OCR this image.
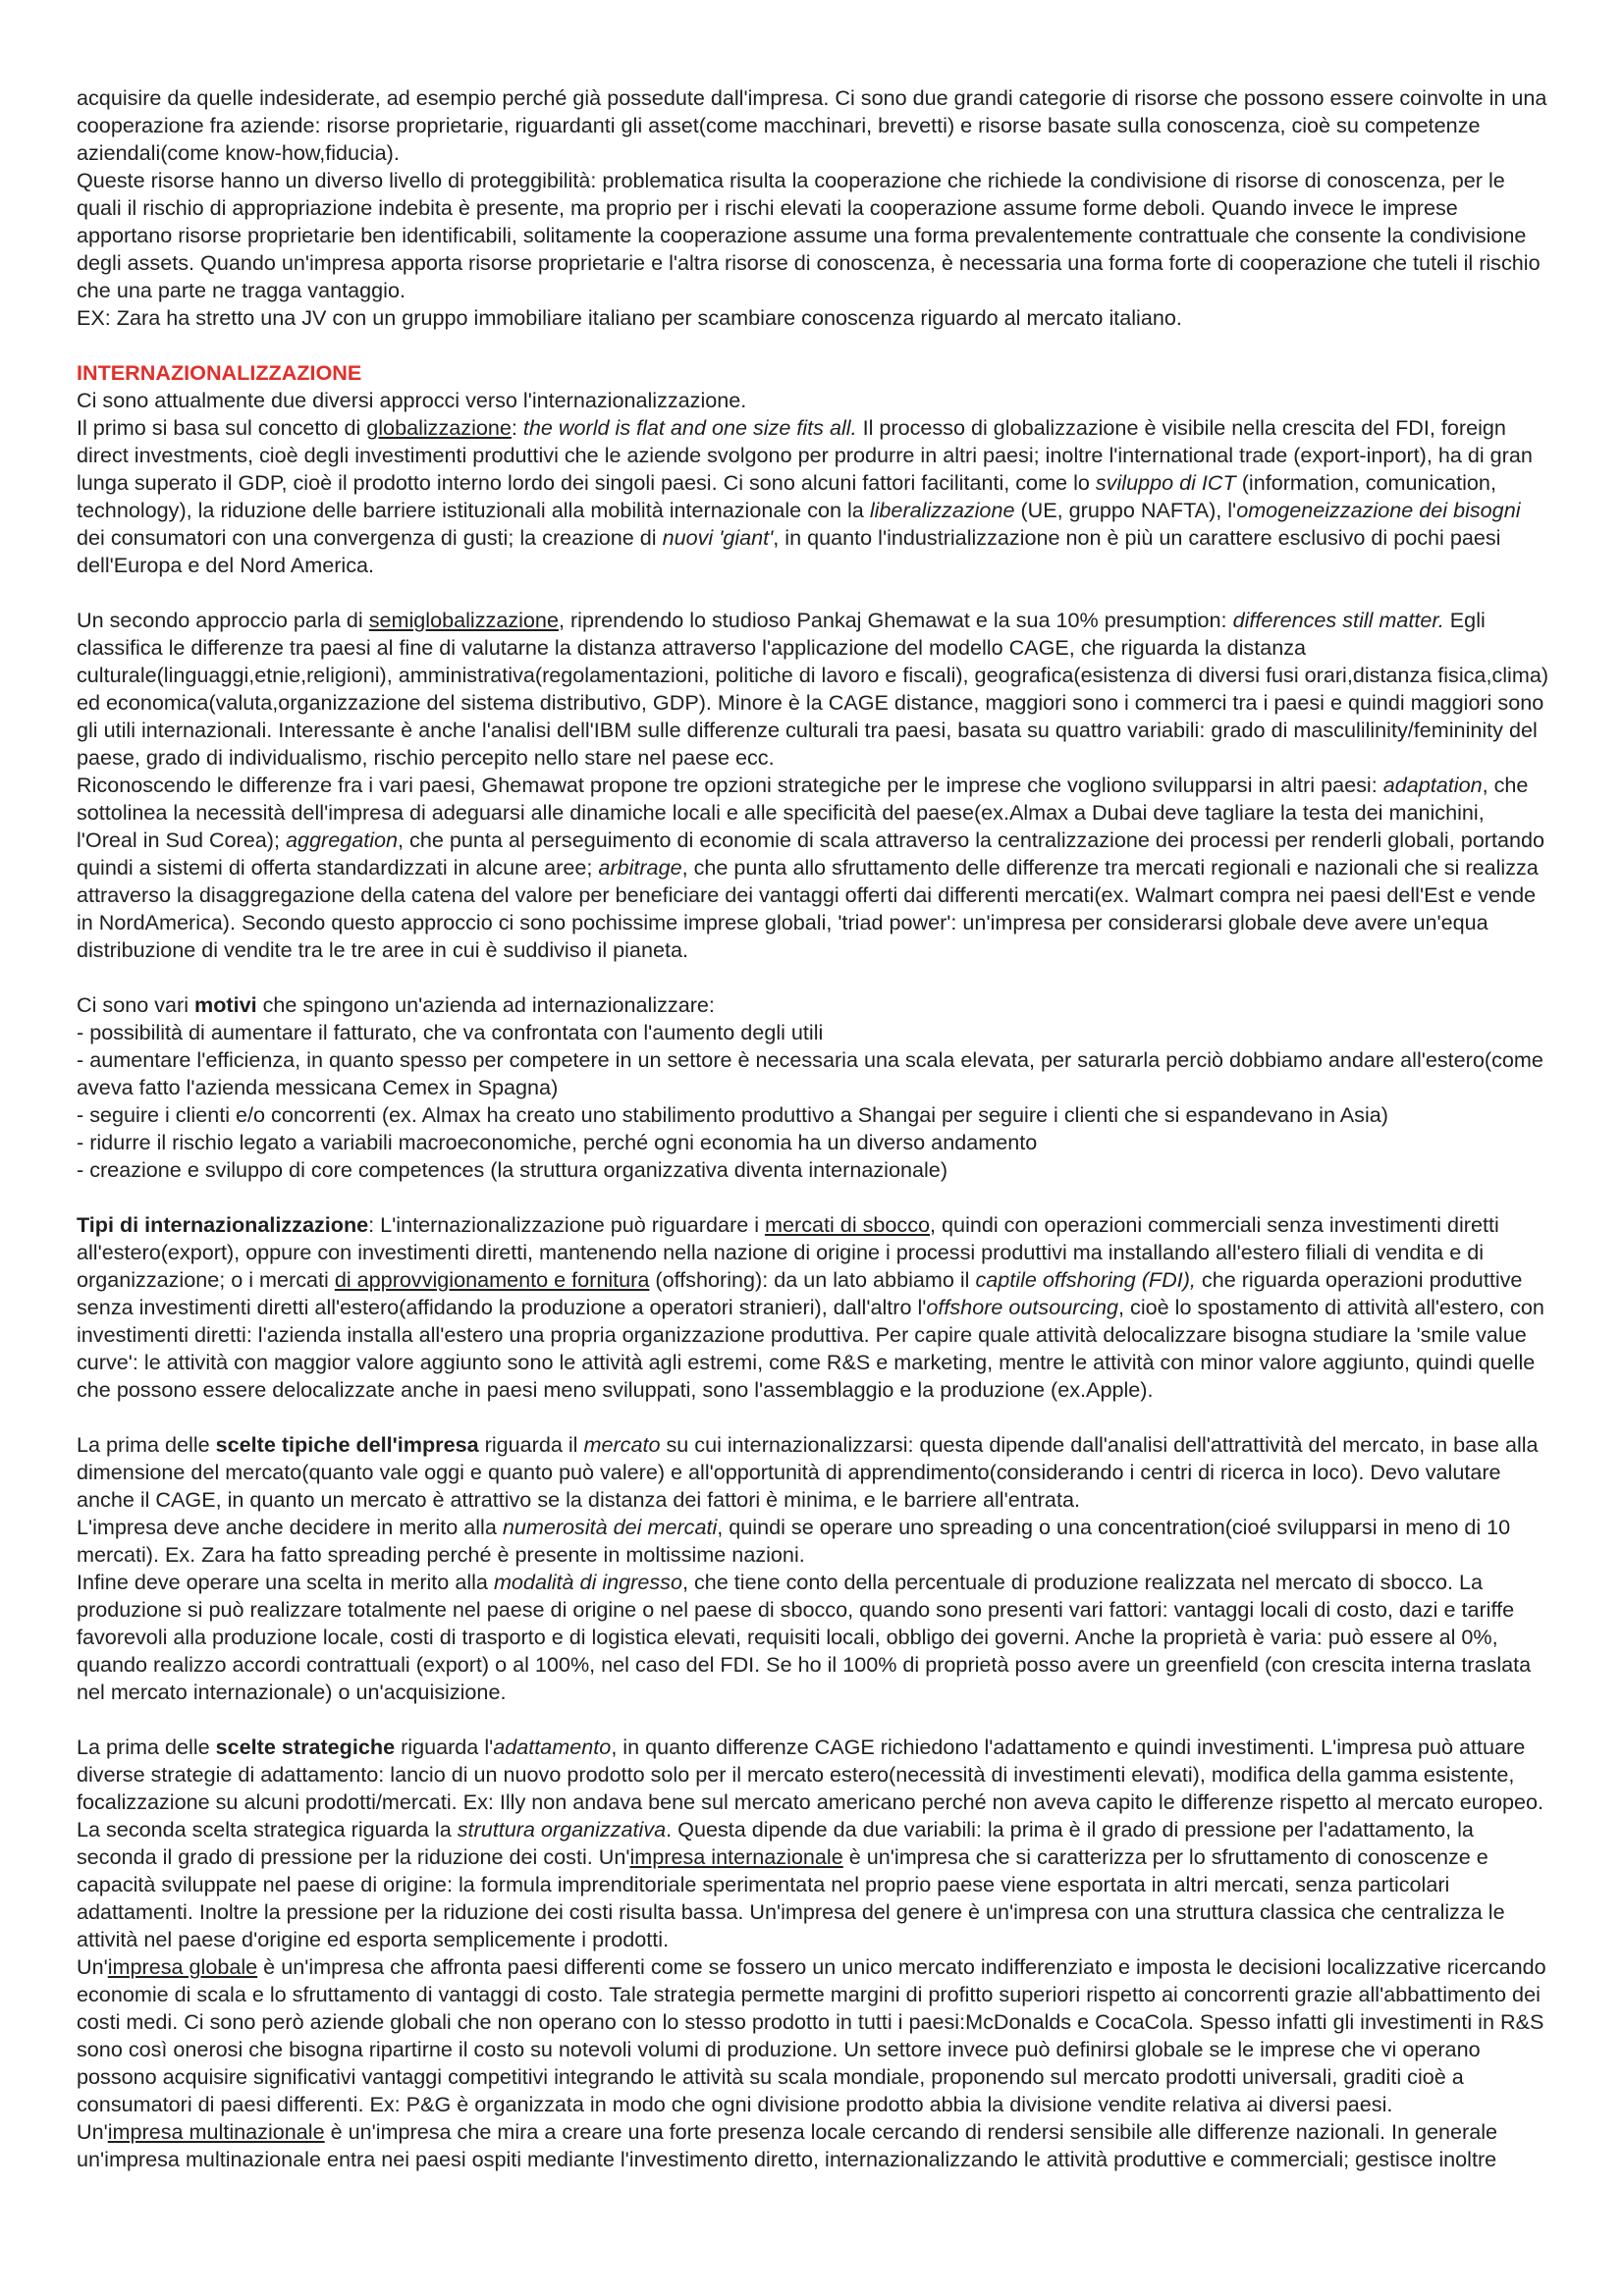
acquisire da quelle indesiderate, ad esempio perché già possedute dall'impresa. Ci sono due grandi categorie di risorse che possono essere coinvolte in una cooperazione fra aziende: risorse proprietarie, riguardanti gli asset(come macchinari, brevetti) e risorse basate sulla conoscenza, cioè su competenze aziendali(come know-how,fiducia).
Queste risorse hanno un diverso livello di proteggibilità: problematica risulta la cooperazione che richiede la condivisione di risorse di conoscenza, per le quali il rischio di appropriazione indebita è presente, ma proprio per i rischi elevati la cooperazione assume forme deboli. Quando invece le imprese apportano risorse proprietarie ben identificabili, solitamente la cooperazione assume una forma prevalentemente contrattuale che consente la condivisione degli assets. Quando un'impresa apporta risorse proprietarie e l'altra risorse di conoscenza, è necessaria una forma forte di cooperazione che tuteli il rischio che una parte ne tragga vantaggio.
EX: Zara ha stretto una JV con un gruppo immobiliare italiano per scambiare conoscenza riguardo al mercato italiano.

INTERNAZIONALIZZAZIONE

Ci sono attualmente due diversi approcci verso l'internazionalizzazione.

Il primo si basa sul concetto di globalizzazione: the world is flat and one size fits all. Il processo di globalizzazione è visibile nella crescita del FDI, foreign direct investments, cioè degli investimenti produttivi che le aziende svolgono per produrre in altri paesi; inoltre l'international trade (export-inport), ha di gran lunga superato il GDP, cioè il prodotto interno lordo dei singoli paesi. Ci sono alcuni fattori facilitanti, come lo sviluppo di ICT (information, comunication, technology), la riduzione delle barriere istituzionali alla mobilità internazionale con la liberalizzazione (UE, gruppo NAFTA), l'omogeneizzazione dei bisogni dei consumatori con una convergenza di gusti; la creazione di nuovi 'giant', in quanto l'industrializzazione non è più un carattere esclusivo di pochi paesi dell'Europa e del Nord America.

Un secondo approccio parla di semiglobalizzazione, riprendendo lo studioso Pankaj Ghemawat e la sua 10% presumption: differences still matter. Egli classifica le differenze tra paesi al fine di valutarne la distanza attraverso l'applicazione del modello CAGE, che riguarda la distanza culturale(linguaggi,etnie,religioni), amministrativa(regolamentazioni, politiche di lavoro e fiscali), geografica(esistenza di diversi fusi orari,distanza fisica,clima) ed economica(valuta,organizzazione del sistema distributivo, GDP). Minore è la CAGE distance, maggiori sono i commerci tra i paesi e quindi maggiori sono gli utili internazionali. Interessante è anche l'analisi dell'IBM sulle differenze culturali tra paesi, basata su quattro variabili: grado di masculilinity/femininity del paese, grado di individualismo, rischio percepito nello stare nel paese ecc.

Riconoscendo le differenze fra i vari paesi, Ghemawat propone tre opzioni strategiche per le imprese che vogliono svilupparsi in altri paesi: adaptation, che sottolinea la necessità dell'impresa di adeguarsi alle dinamiche locali e alle specificità del paese(ex.Almax a Dubai deve tagliare la testa dei manichini, l'Oreal in Sud Corea); aggregation, che punta al perseguimento di economie di scala attraverso la centralizzazione dei processi per renderli globali, portando quindi a sistemi di offerta standardizzati in alcune aree; arbitrage, che punta allo sfruttamento delle differenze tra mercati regionali e nazionali che si realizza attraverso la disaggregazione della catena del valore per beneficiare dei vantaggi offerti dai differenti mercati(ex. Walmart compra nei paesi dell'Est e vende in NordAmerica). Secondo questo approccio ci sono pochissime imprese globali, 'triad power': un'impresa per considerarsi globale deve avere un'equa distribuzione di vendite tra le tre aree in cui è suddiviso il pianeta.

Ci sono vari motivi che spingono un'azienda ad internazionalizzare:
- possibilità di aumentare il fatturato, che va confrontata con l'aumento degli utili
- aumentare l'efficienza, in quanto spesso per competere in un settore è necessaria una scala elevata, per saturarla perciò dobbiamo andare all'estero(come aveva fatto l'azienda messicana Cemex in Spagna)
- seguire i clienti e/o concorrenti (ex. Almax ha creato uno stabilimento produttivo a Shangai per seguire i clienti che si espandevano in Asia)
- ridurre il rischio legato a variabili macroeconomiche, perché ogni economia ha un diverso andamento
- creazione e sviluppo di core competences (la struttura organizzativa diventa internazionale)

Tipi di internazionalizzazione: L'internazionalizzazione può riguardare i mercati di sbocco, quindi con operazioni commerciali senza investimenti diretti all'estero(export), oppure con investimenti diretti, mantenendo nella nazione di origine i processi produttivi ma installando all'estero filiali di vendita e di organizzazione; o i mercati di approvvigionamento e fornitura (offshoring): da un lato abbiamo il captile offshoring (FDI), che riguarda operazioni produttive senza investimenti diretti all'estero(affidando la produzione a operatori stranieri), dall'altro l'offshore outsourcing, cioè lo spostamento di attività all'estero, con investimenti diretti: l'azienda installa all'estero una propria organizzazione produttiva. Per capire quale attività delocalizzare bisogna studiare la 'smile value curve': le attività con maggior valore aggiunto sono le attività agli estremi, come R&S e marketing, mentre le attività con minor valore aggiunto, quindi quelle che possono essere delocalizzate anche in paesi meno sviluppati, sono l'assemblaggio e la produzione (ex.Apple).

La prima delle scelte tipiche dell'impresa riguarda il mercato su cui internazionalizzarsi: questa dipende dall'analisi dell'attrattività del mercato, in base alla dimensione del mercato(quanto vale oggi e quanto può valere) e all'opportunità di apprendimento(considerando i centri di ricerca in loco). Devo valutare anche il CAGE, in quanto un mercato è attrattivo se la distanza dei fattori è minima, e le barriere all'entrata.

L'impresa deve anche decidere in merito alla numerosità dei mercati, quindi se operare uno spreading o una concentration(cioé svilupparsi in meno di 10 mercati). Ex. Zara ha fatto spreading perché è presente in moltissime nazioni.

Infine deve operare una scelta in merito alla modalità di ingresso, che tiene conto della percentuale di produzione realizzata nel mercato di sbocco. La produzione si può realizzare totalmente nel paese di origine o nel paese di sbocco, quando sono presenti vari fattori: vantaggi locali di costo, dazi e tariffe favorevoli alla produzione locale, costi di trasporto e di logistica elevati, requisiti locali, obbligo dei governi. Anche la proprietà è varia: può essere al 0%, quando realizzo accordi contrattuali (export) o al 100%, nel caso del FDI. Se ho il 100% di proprietà posso avere un greenfield (con crescita interna traslata nel mercato internazionale) o un'acquisizione.

La prima delle scelte strategiche riguarda l'adattamento, in quanto differenze CAGE richiedono l'adattamento e quindi investimenti. L'impresa può attuare diverse strategie di adattamento: lancio di un nuovo prodotto solo per il mercato estero(necessità di investimenti elevati), modifica della gamma esistente, focalizzazione su alcuni prodotti/mercati. Ex: Illy non andava bene sul mercato americano perché non aveva capito le differenze rispetto al mercato europeo.

La seconda scelta strategica riguarda la struttura organizzativa. Questa dipende da due variabili: la prima è il grado di pressione per l'adattamento, la seconda il grado di pressione per la riduzione dei costi. Un'impresa internazionale è un'impresa che si caratterizza per lo sfruttamento di conoscenze e capacità sviluppate nel paese di origine: la formula imprenditoriale sperimentata nel proprio paese viene esportata in altri mercati, senza particolari adattamenti. Inoltre la pressione per la riduzione dei costi risulta bassa. Un'impresa del genere è un'impresa con una struttura classica che centralizza le attività nel paese d'origine ed esporta semplicemente i prodotti.

Un'impresa globale è un'impresa che affronta paesi differenti come se fossero un unico mercato indifferenziato e imposta le decisioni localizzative ricercando economie di scala e lo sfruttamento di vantaggi di costo. Tale strategia permette margini di profitto superiori rispetto ai concorrenti grazie all'abbattimento dei costi medi. Ci sono però aziende globali che non operano con lo stesso prodotto in tutti i paesi:McDonalds e CocaCola. Spesso infatti gli investimenti in R&S sono così onerosi che bisogna ripartirne il costo su notevoli volumi di produzione. Un settore invece può definirsi globale se le imprese che vi operano possono acquisire significativi vantaggi competitivi integrando le attività su scala mondiale, proponendo sul mercato prodotti universali, graditi cioè a consumatori di paesi differenti. Ex: P&G è organizzata in modo che ogni divisione prodotto abbia la divisione vendite relativa ai diversi paesi.

Un'impresa multinazionale è un'impresa che mira a creare una forte presenza locale cercando di rendersi sensibile alle differenze nazionali. In generale un'impresa multinazionale entra nei paesi ospiti mediante l'investimento diretto, internazionalizzando le attività produttive e commerciali; gestisce inoltre
